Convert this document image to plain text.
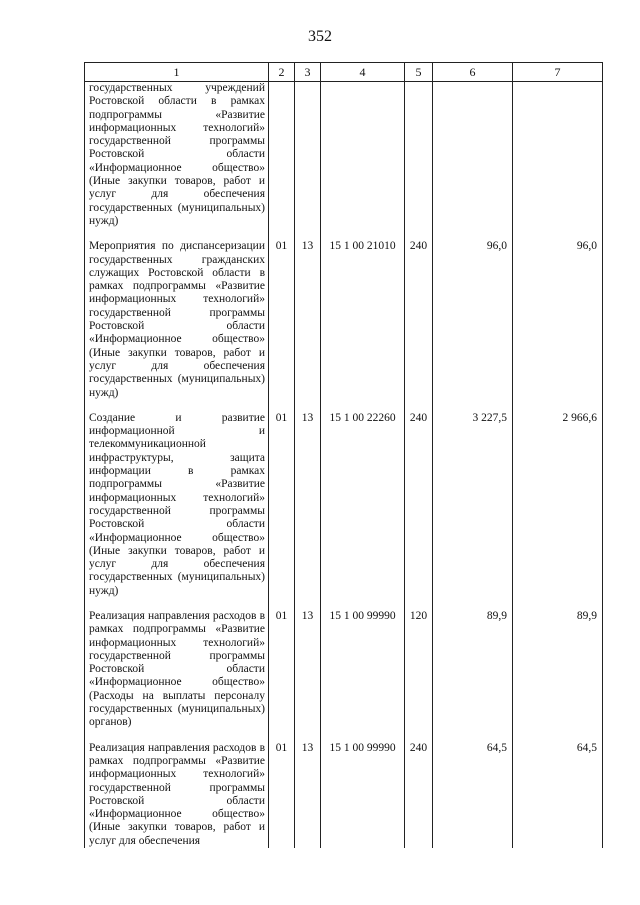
352
1	2	3	4	5	6	7
государственных учреждений Ростовской области в рамках подпрограммы «Развитие информационных технологий» государственной программы Ростовской области «Информационное общество» (Иные закупки товаров, работ и услуг для обеспечения государственных (муниципальных) нужд)						

Мероприятия по диспансеризации государственных гражданских служащих Ростовской области в рамках подпрограммы «Развитие информационных технологий» государственной программы Ростовской области «Информационное общество» (Иные закупки товаров, работ и услуг для обеспечения государственных (муниципальных) нужд)	01	13	15 1 00 21010	240	96,0	96,0

Создание и развитие информационной и телекоммуникационной инфраструктуры, защита информации в рамках подпрограммы «Развитие информационных технологий» государственной программы Ростовской области «Информационное общество» (Иные закупки товаров, работ и услуг для обеспечения государственных (муниципальных) нужд)	01	13	15 1 00 22260	240	3 227,5	2 966,6

Реализация направления расходов в рамках подпрограммы «Развитие информационных технологий» государственной программы Ростовской области «Информационное общество» (Расходы на выплаты персоналу государственных (муниципальных) органов)	01	13	15 1 00 99990	120	89,9	89,9

Реализация направления расходов в рамках подпрограммы «Развитие информационных технологий» государственной программы Ростовской области «Информационное общество» (Иные закупки товаров, работ и услуг для обеспечения	01	13	15 1 00 99990	240	64,5	64,5
